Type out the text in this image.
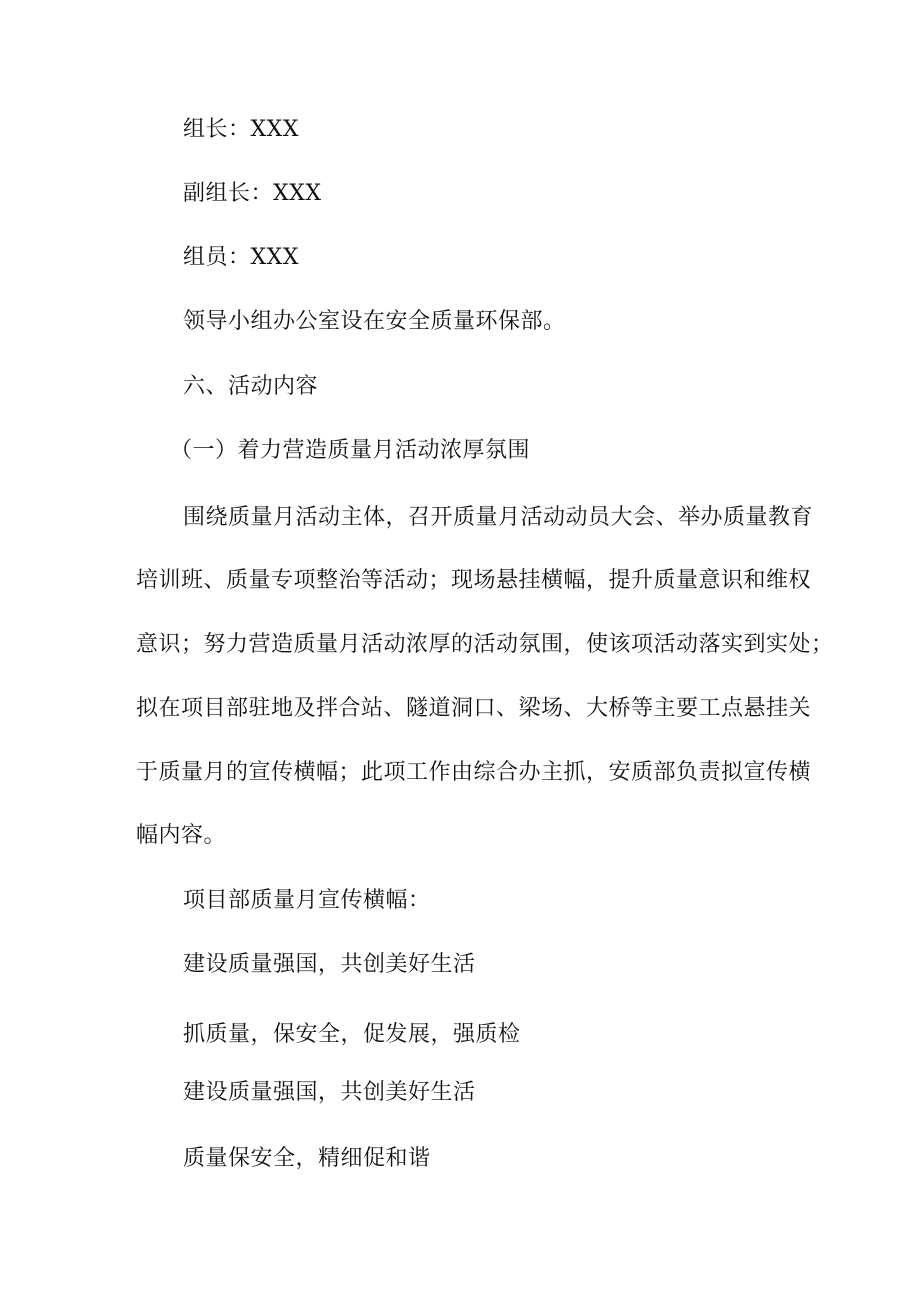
组长：XXX
副组长：XXX
组员：XXX
领导小组办公室设在安全质量环保部。
六、活动内容
（一）着力营造质量月活动浓厚氛围
围绕质量月活动主体，召开质量月活动动员大会、举办质量教育
培训班、质量专项整治等活动；现场悬挂横幅，提升质量意识和维权
意识；努力营造质量月活动浓厚的活动氛围，使该项活动落实到实处；
拟在项目部驻地及拌合站、隧道洞口、梁场、大桥等主要工点悬挂关
于质量月的宣传横幅；此项工作由综合办主抓，安质部负责拟宣传横
幅内容。
项目部质量月宣传横幅：
建设质量强国，共创美好生活
抓质量，保安全，促发展，强质检
建设质量强国，共创美好生活
质量保安全，精细促和谐
